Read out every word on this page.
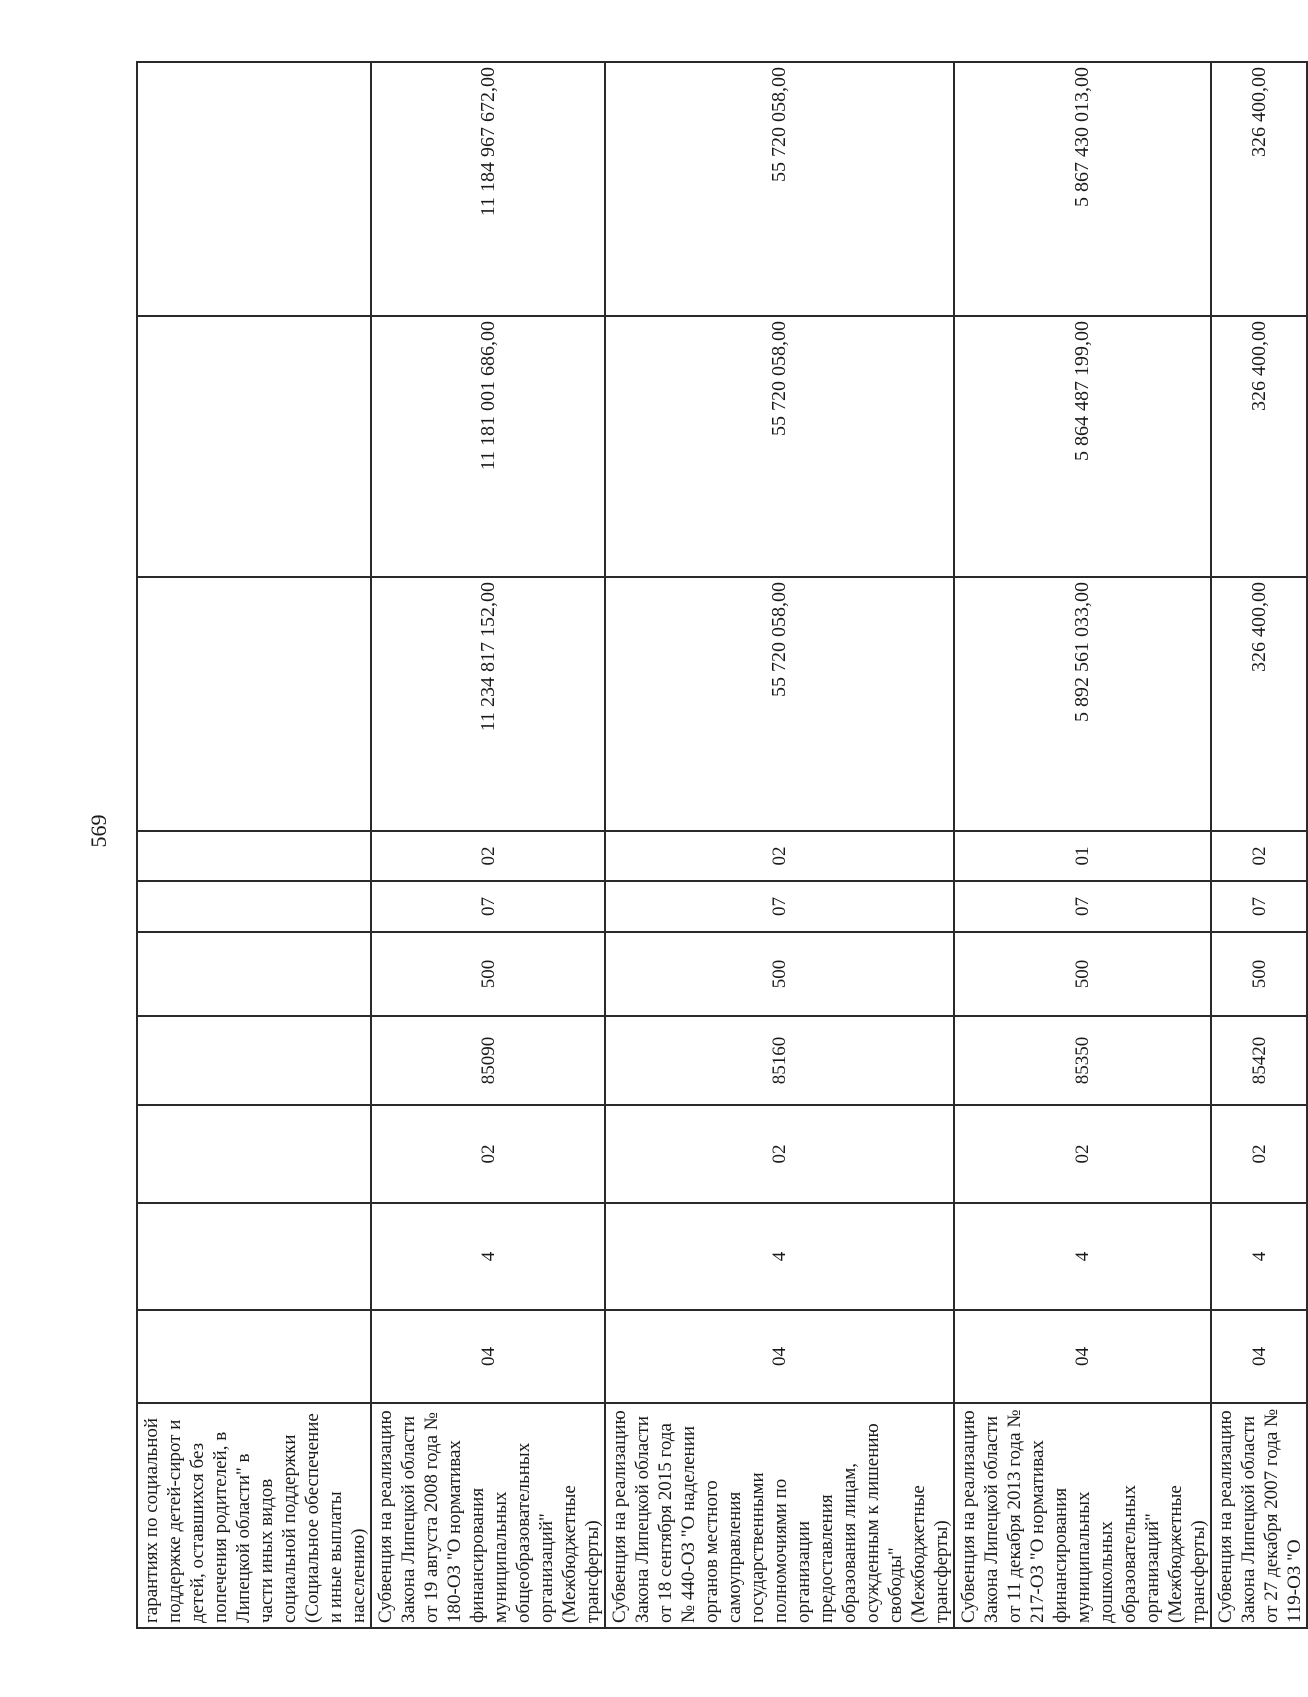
569
гарантиях по социальной поддержке детей-сирот и детей, оставшихся без попечения родителей, в Липецкой области" в части иных видов социальной поддержки (Социальное обеспечение и иные выплаты населению)										
Субвенция на реализацию Закона Липецкой области от 19 августа 2008 года № 180-ОЗ "О нормативах финансирования муниципальных общеобразовательных организаций" (Межбюджетные трансферты)	04	4	02	85090	500	07	02	11 234 817 152,00	11 181 001 686,00	11 184 967 672,00
Субвенция на реализацию Закона Липецкой области от 18 сентября 2015 года № 440-ОЗ "О наделении органов местного самоуправления государственными полномочиями по организации предоставления образования лицам, осужденным к лишению свободы" (Межбюджетные трансферты)	04	4	02	85160	500	07	02	55 720 058,00	55 720 058,00	55 720 058,00
Субвенция на реализацию Закона Липецкой области от 11 декабря 2013 года № 217-ОЗ "О нормативах финансирования муниципальных дошкольных образовательных организаций" (Межбюджетные трансферты)	04	4	02	85350	500	07	01	5 892 561 033,00	5 864 487 199,00	5 867 430 013,00
Субвенция на реализацию Закона Липецкой области от 27 декабря 2007 года № 119-ОЗ "О	04	4	02	85420	500	07	02	326 400,00	326 400,00	326 400,00
